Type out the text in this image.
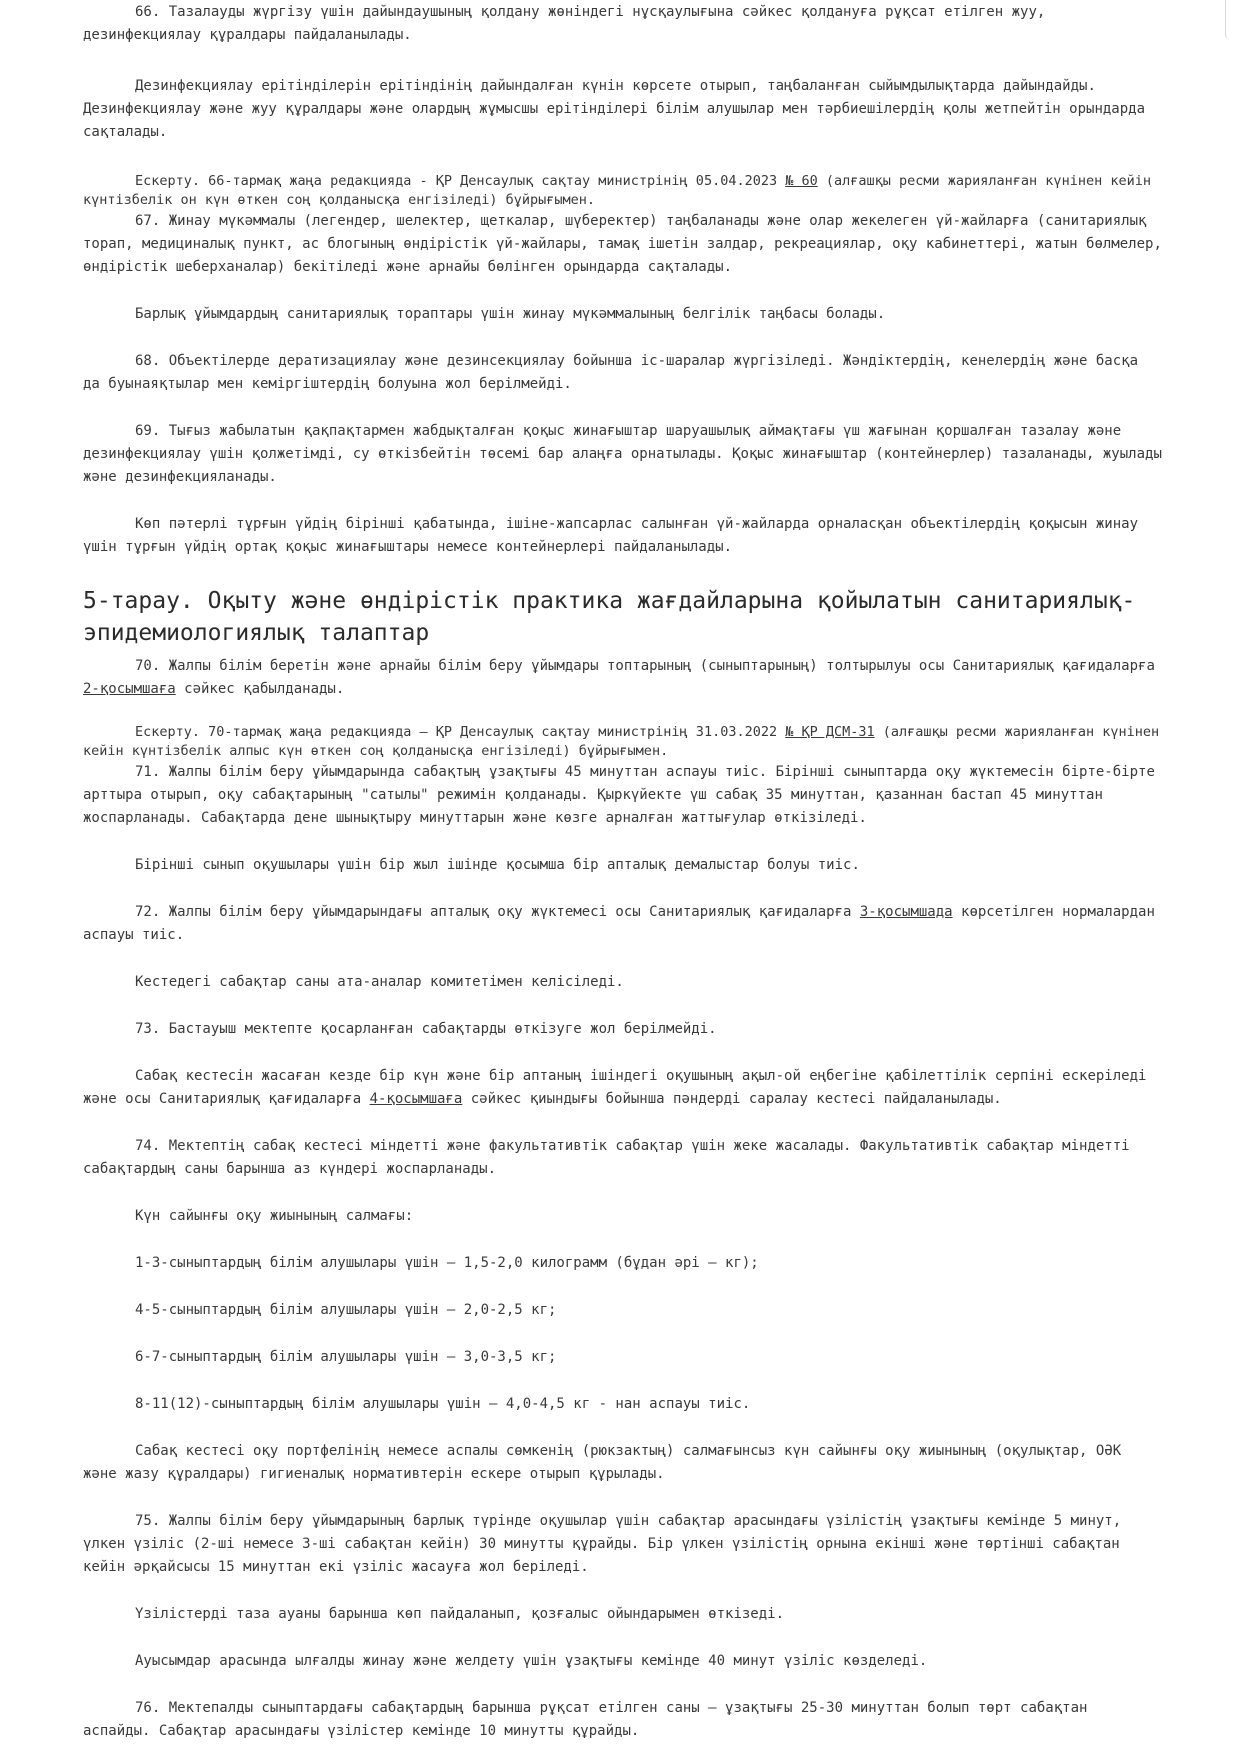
66. Тазалауды жүргізу үшін дайындаушының қолдану жөніндегі нұсқаулығына сәйкес қолдануға рұқсат етілген жуу, дезинфекциялау құралдары пайдаланылады.

Дезинфекциялау ерітінділерін ерітіндінің дайындалған күнін көрсете отырып, таңбаланған сыйымдылықтарда дайындайды. Дезинфекциялау және жуу құралдары және олардың жұмысшы ерітінділері білім алушылар мен тәрбиешілердің қолы жетпейтін орындарда сақталады.

Ескерту. 66-тармақ жаңа редакцияда - ҚР Денсаулық сақтау министрінің 05.04.2023 № 60 (алғашқы ресми жарияланған күнінен кейін күнтізбелік он күн өткен соң қолданысқа енгізіледі) бұйрығымен.

67. Жинау мүкәммалы (легендер, шелектер, щеткалар, шүберектер) таңбаланады және олар жекелеген үй-жайларға (санитариялық торап, медициналық пункт, ас блогының өндірістік үй-жайлары, тамақ ішетін залдар, рекреациялар, оқу кабинеттері, жатын бөлмелер, өндірістік шеберханалар) бекітіледі және арнайы бөлінген орындарда сақталады.

Барлық ұйымдардың санитариялық тораптары үшін жинау мүкәммалының белгілік таңбасы болады.

68. Объектілерде дератизациялау және дезинсекциялау бойынша іс-шаралар жүргізіледі. Жәндіктердің, кенелердің және басқа да буынаяқтылар мен кеміргіштердің болуына жол берілмейді.

69. Тығыз жабылатын қақпақтармен жабдықталған қоқыс жинағыштар шаруашылық аймақтағы үш жағынан қоршалған тазалау және дезинфекциялау үшін қолжетімді, су өткізбейтін төсемі бар алаңға орнатылады. Қоқыс жинағыштар (контейнерлер) тазаланады, жуылады және дезинфекцияланады.

Көп пәтерлі тұрғын үйдің бірінші қабатында, ішіне-жапсарлас салынған үй-жайларда орналасқан объектілердің қоқысын жинау үшін тұрғын үйдің ортақ қоқыс жинағыштары немесе контейнерлері пайдаланылады.

5-тарау. Оқыту және өндірістік практика жағдайларына қойылатын санитариялық-эпидемиологиялық талаптар

70. Жалпы білім беретін және арнайы білім беру ұйымдары топтарының (сыныптарының) толтырылуы осы Санитариялық қағидаларға 2-қосымшаға сәйкес қабылданады.

Ескерту. 70-тармақ жаңа редакцияда – ҚР Денсаулық сақтау министрінің 31.03.2022 № ҚР ДСМ-31 (алғашқы ресми жарияланған күнінен кейін күнтізбелік алпыс күн өткен соң қолданысқа енгізіледі) бұйрығымен.

71. Жалпы білім беру ұйымдарында сабақтың ұзақтығы 45 минуттан аспауы тиіс. Бірінші сыныптарда оқу жүктемесін біртe-біртe арттыра отырып, оқу сабақтарының "сатылы" режимін қолданады. Қыркүйекте үш сабақ 35 минуттан, қазаннан бастап 45 минуттан жоспарланады. Сабақтарда дене шынықтыру минуттарын және көзге арналған жаттығулар өткізіледі.

Бірінші сынып оқушылары үшін бір жыл ішінде қосымша бір апталық демалыстар болуы тиіс.

72. Жалпы білім беру ұйымдарындағы апталық оқу жүктемесі осы Санитариялық қағидаларға 3-қосымшада көрсетілген нормалардан аспауы тиіс.

Кестедегі сабақтар саны ата-аналар комитетімен келісіледі.

73. Бастауыш мектепте қосарланған сабақтарды өткізуге жол берілмейді.

Сабақ кестесін жасаған кезде бір күн және бір аптаның ішіндегі оқушының ақыл-ой еңбегіне қабілеттілік серпіні ескеріледі және осы Санитариялық қағидаларға 4-қосымшаға сәйкес қиындығы бойынша пәндерді саралау кестесі пайдаланылады.

74. Мектептің сабақ кестесі міндетті және факультативтік сабақтар үшін жеке жасалады. Факультативтік сабақтар міндетті сабақтардың саны барынша аз күндері жоспарланады.

Күн сайынғы оқу жиынының салмағы:

1-3-сыныптардың білім алушылары үшін – 1,5-2,0 килограмм (бұдан әрі – кг);

4-5-сыныптардың білім алушылары үшін – 2,0-2,5 кг;

6-7-сыныптардың білім алушылары үшін – 3,0-3,5 кг;

8-11(12)-сыныптардың білім алушылары үшін – 4,0-4,5 кг - нан аспауы тиіс.

Сабақ кестесі оқу портфелінің немесе аспалы сөмкенің (рюкзактың) салмағынсыз күн сайынғы оқу жиынының (оқулықтар, ОӘК және жазу құралдары) гигиеналық нормативтерін ескере отырып құрылады.

75. Жалпы білім беру ұйымдарының барлық түрінде оқушылар үшін сабақтар арасындағы үзілістің ұзақтығы кемінде 5 минут, үлкен үзіліс (2-ші немесе 3-ші сабақтан кейін) 30 минутты құрайды. Бір үлкен үзілістің орнына екінші және төртінші сабақтан кейін әрқайсысы 15 минуттан екі үзіліс жасауға жол беріледі.

Үзілістерді таза ауаны барынша көп пайдаланып, қозғалыс ойындарымен өткізеді.

Ауысымдар арасында ылғалды жинау және желдету үшін ұзақтығы кемінде 40 минут үзіліс көзделеді.

76. Мектепалды сыныптардағы сабақтардың барынша рұқсат етілген саны – ұзақтығы 25-30 минуттан болып төрт сабақтан аспайды. Сабақтар арасындағы үзілістер кемінде 10 минутты құрайды.
